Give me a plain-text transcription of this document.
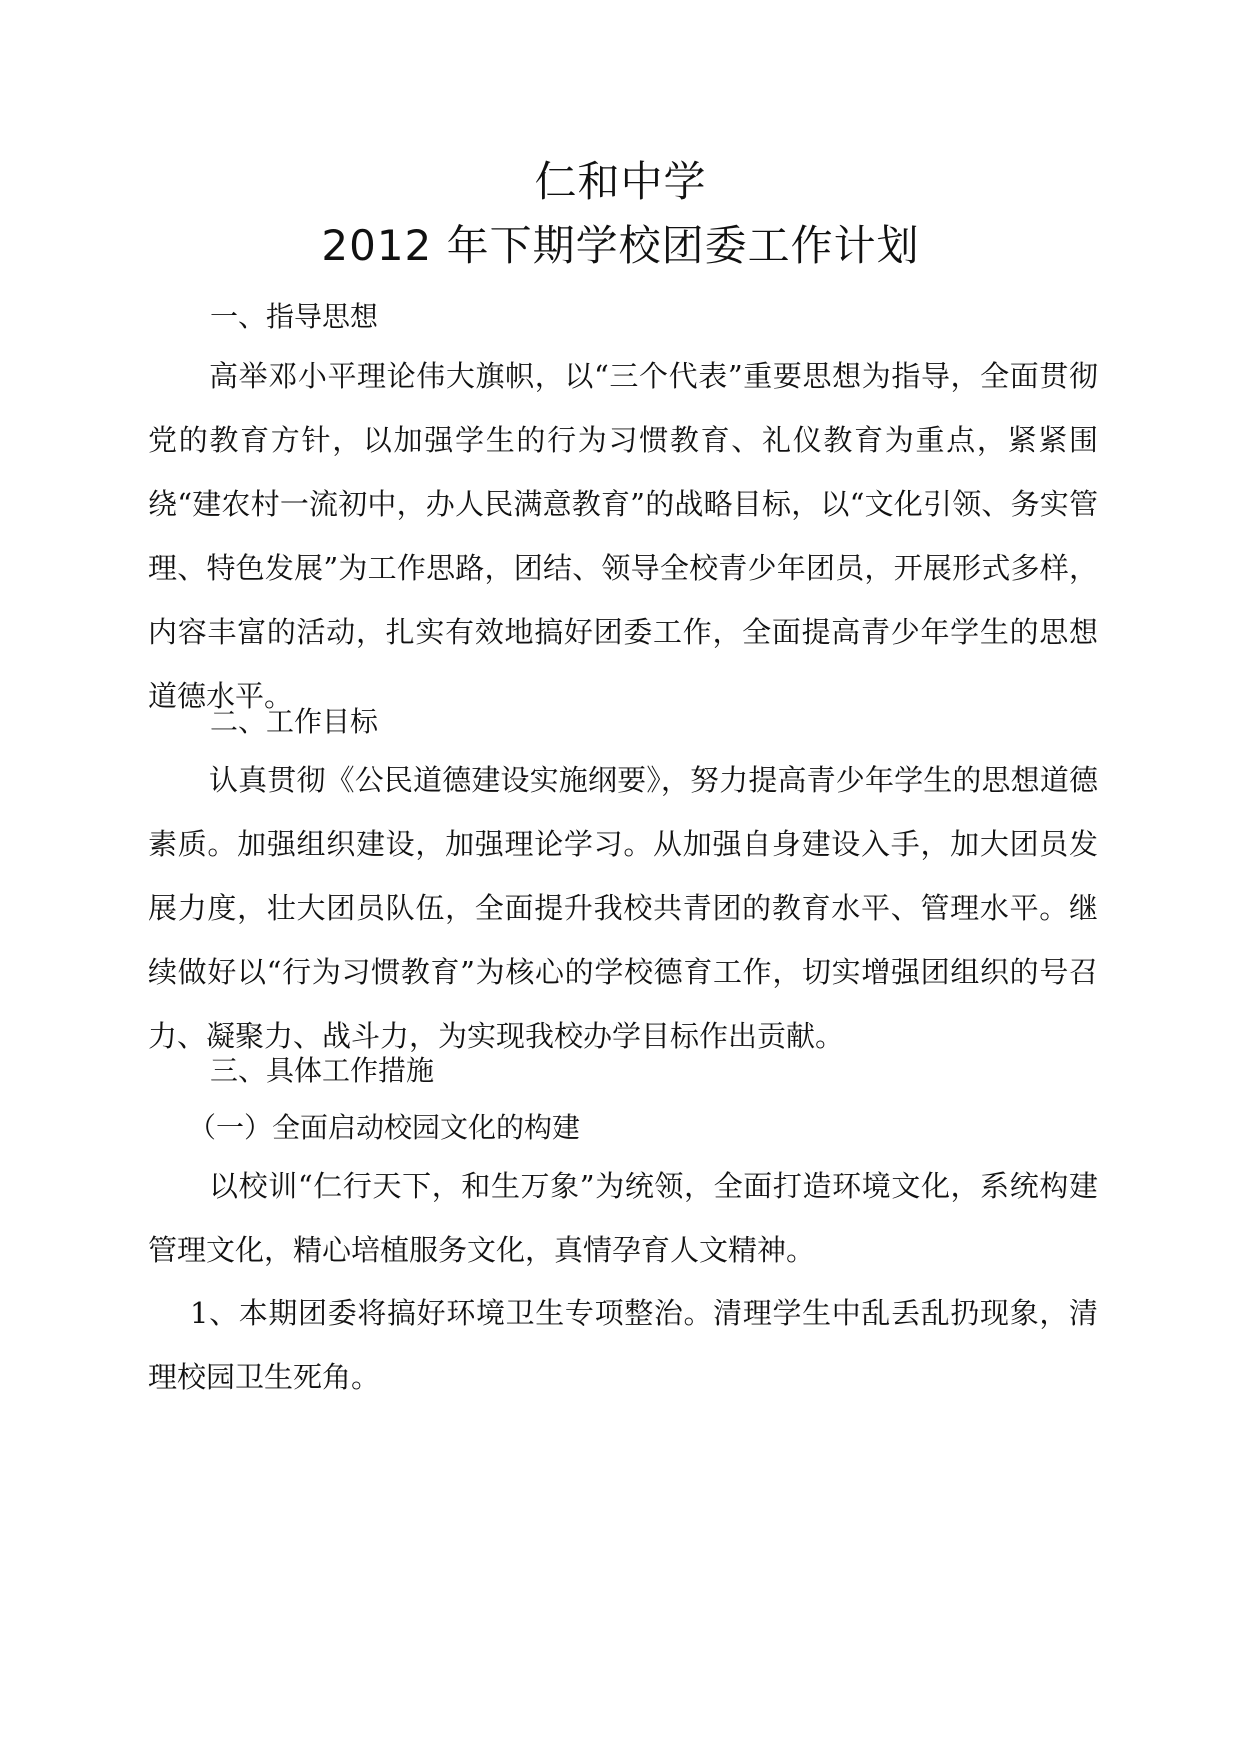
仁和中学
2012 年下期学校团委工作计划
一、指导思想

高举邓小平理论伟大旗帜，以“三个代表”重要思想为指导，全面贯彻党的教育方针，以加强学生的行为习惯教育、礼仪教育为重点，紧紧围绕“建农村一流初中，办人民满意教育”的战略目标，以“文化引领、务实管理、特色发展”为工作思路，团结、领导全校青少年团员，开展形式多样，内容丰富的活动，扎实有效地搞好团委工作，全面提高青少年学生的思想道德水平。

二、工作目标

认真贯彻《公民道德建设实施纲要》，努力提高青少年学生的思想道德素质。加强组织建设，加强理论学习。从加强自身建设入手，加大团员发展力度，壮大团员队伍，全面提升我校共青团的教育水平、管理水平。继续做好以“行为习惯教育”为核心的学校德育工作，切实增强团组织的号召力、凝聚力、战斗力，为实现我校办学目标作出贡献。

三、具体工作措施
（一）全面启动校园文化的构建

以校训“仁行天下，和生万象”为统领，全面打造环境文化，系统构建管理文化，精心培植服务文化，真情孕育人文精神。

1、本期团委将搞好环境卫生专项整治。清理学生中乱丢乱扔现象，清理校园卫生死角。
